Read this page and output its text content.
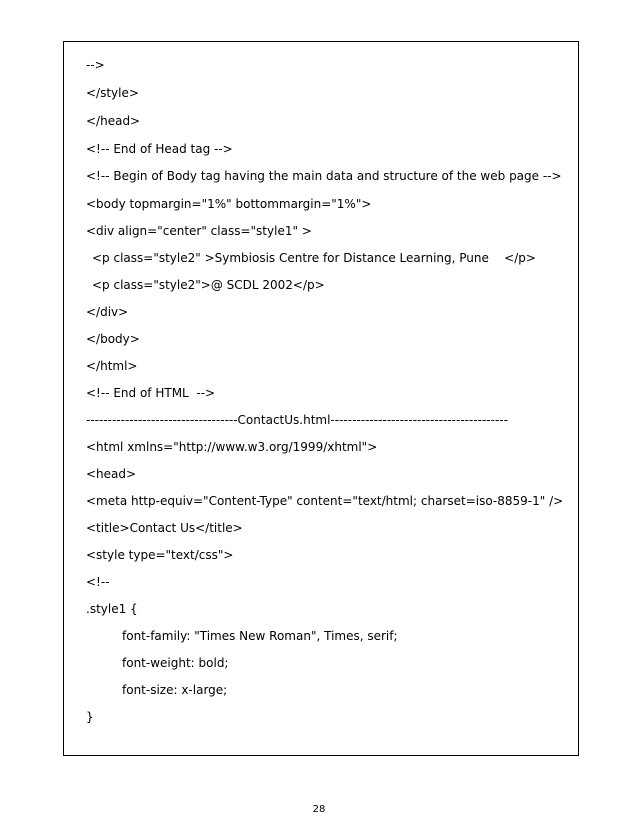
-->
</style>
</head>
<!-- End of Head tag -->
<!-- Begin of Body tag having the main data and structure of the web page -->
<body topmargin="1%" bottommargin="1%">
<div align="center" class="style1" >
<p class="style2" >Symbiosis Centre for Distance Learning, Pune    </p>
<p class="style2">@ SCDL 2002</p>
</div>
</body>
</html>
<!-- End of HTML  -->
-----------------------------------ContactUs.html-----------------------------------------
<html xmlns="http://www.w3.org/1999/xhtml">
<head>
<meta http-equiv="Content-Type" content="text/html; charset=iso-8859-1" />
<title>Contact Us</title>
<style type="text/css">
<!--
.style1 {
font-family: "Times New Roman", Times, serif;
font-weight: bold;
font-size: x-large;
}
28
